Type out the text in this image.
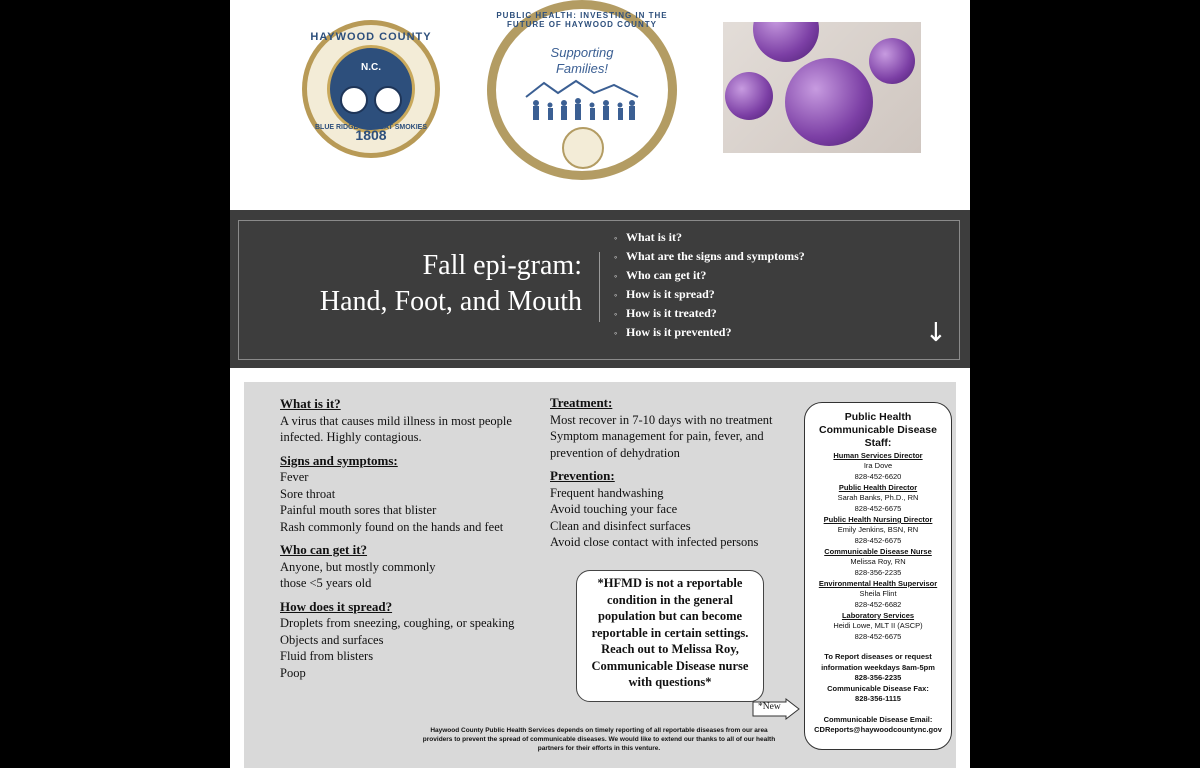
HAYWOOD COUNTY
N.C.
BLUE RIDGE GREAT SMOKIES
1808
PUBLIC HEALTH: INVESTING IN THE FUTURE OF HAYWOOD COUNTY
Supporting
Families!
Fall epi-gram:
Hand, Foot, and Mouth
◦ What is it?
◦ What are the signs and symptoms?
◦ Who can get it?
◦ How is it spread?
◦ How is it treated?
◦ How is it prevented?	↓
What is it?
A virus that causes mild illness in most people
infected. Highly contagious.
Signs and symptoms:
Fever
Sore throat
Painful mouth sores that blister
Rash commonly found on the hands and feet
Who can get it?
Anyone, but mostly commonly
those <5 years old
How does it spread?
Droplets from sneezing, coughing, or speaking
Objects and surfaces
Fluid from blisters
Poop
Treatment:
Most recover in 7-10 days with no treatment
Symptom management for pain, fever, and
prevention of dehydration
Prevention:
Frequent handwashing
Avoid touching your face
Clean and disinfect surfaces
Avoid close contact with infected persons
*HFMD is not a reportable
condition in the general
population but can become
reportable in certain settings.
Reach out to Melissa Roy,
Communicable Disease nurse
with questions*
*New
Public Health
Communicable Disease
Staff:
Human Services Director
Ira Dove
828-452-6620
Public Health Director
Sarah Banks, Ph.D., RN
828-452-6675
Public Health Nursing Director
Emily Jenkins, BSN, RN
828-452-6675
Communicable Disease Nurse
Melissa Roy, RN
828-356-2235
Environmental Health Supervisor
Sheila Flint
828-452-6682
Laboratory Services
Heidi Lowe, MLT II (ASCP)
828-452-6675
To Report diseases or request
information weekdays 8am-5pm
828-356-2235
Communicable Disease Fax:
828-356-1115
Communicable Disease Email:
CDReports@haywoodcountync.gov
Haywood County Public Health Services depends on timely reporting of all reportable diseases from our area
providers to prevent the spread of communicable diseases. We would like to extend our thanks to all of our health
partners for their efforts in this venture.
